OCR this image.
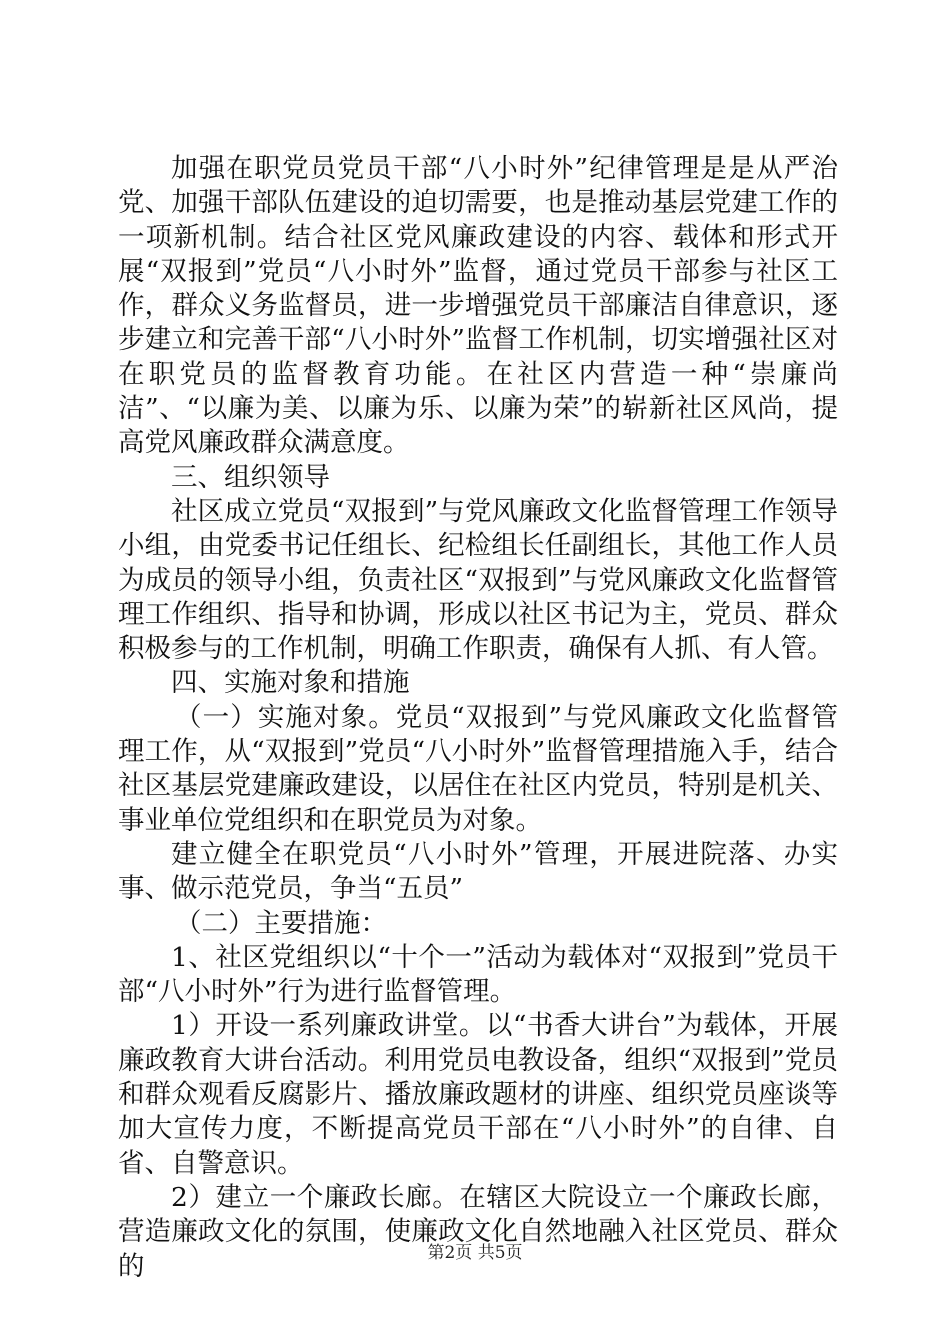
加强在职党员党员干部“八小时外”纪律管理是是从严治党、加强干部队伍建设的迫切需要，也是推动基层党建工作的一项新机制。结合社区党风廉政建设的内容、载体和形式开展“双报到”党员“八小时外”监督，通过党员干部参与社区工作，群众义务监督员，进一步增强党员干部廉洁自律意识，逐步建立和完善干部“八小时外”监督工作机制，切实增强社区对在职党员的监督教育功能。在社区内营造一种“崇廉尚洁”、“以廉为美、以廉为乐、以廉为荣”的崭新社区风尚，提高党风廉政群众满意度。

三、组织领导

社区成立党员“双报到”与党风廉政文化监督管理工作领导小组，由党委书记任组长、纪检组长任副组长，其他工作人员为成员的领导小组，负责社区“双报到”与党风廉政文化监督管理工作组织、指导和协调，形成以社区书记为主，党员、群众积极参与的工作机制，明确工作职责，确保有人抓、有人管。

四、实施对象和措施

（一）实施对象。党员“双报到”与党风廉政文化监督管理工作，从“双报到”党员“八小时外”监督管理措施入手，结合社区基层党建廉政建设，以居住在社区内党员，特别是机关、事业单位党组织和在职党员为对象。

建立健全在职党员“八小时外”管理，开展进院落、办实事、做示范党员，争当“五员”

（二）主要措施：

1、社区党组织以“十个一”活动为载体对“双报到”党员干部“八小时外”行为进行监督管理。

1）开设一系列廉政讲堂。以“书香大讲台”为载体，开展廉政教育大讲台活动。利用党员电教设备，组织“双报到”党员和群众观看反腐影片、播放廉政题材的讲座、组织党员座谈等加大宣传力度，不断提高党员干部在“八小时外”的自律、自省、自警意识。

2）建立一个廉政长廊。在辖区大院设立一个廉政长廊，营造廉政文化的氛围，使廉政文化自然地融入社区党员、群众的	第2页 共5页
